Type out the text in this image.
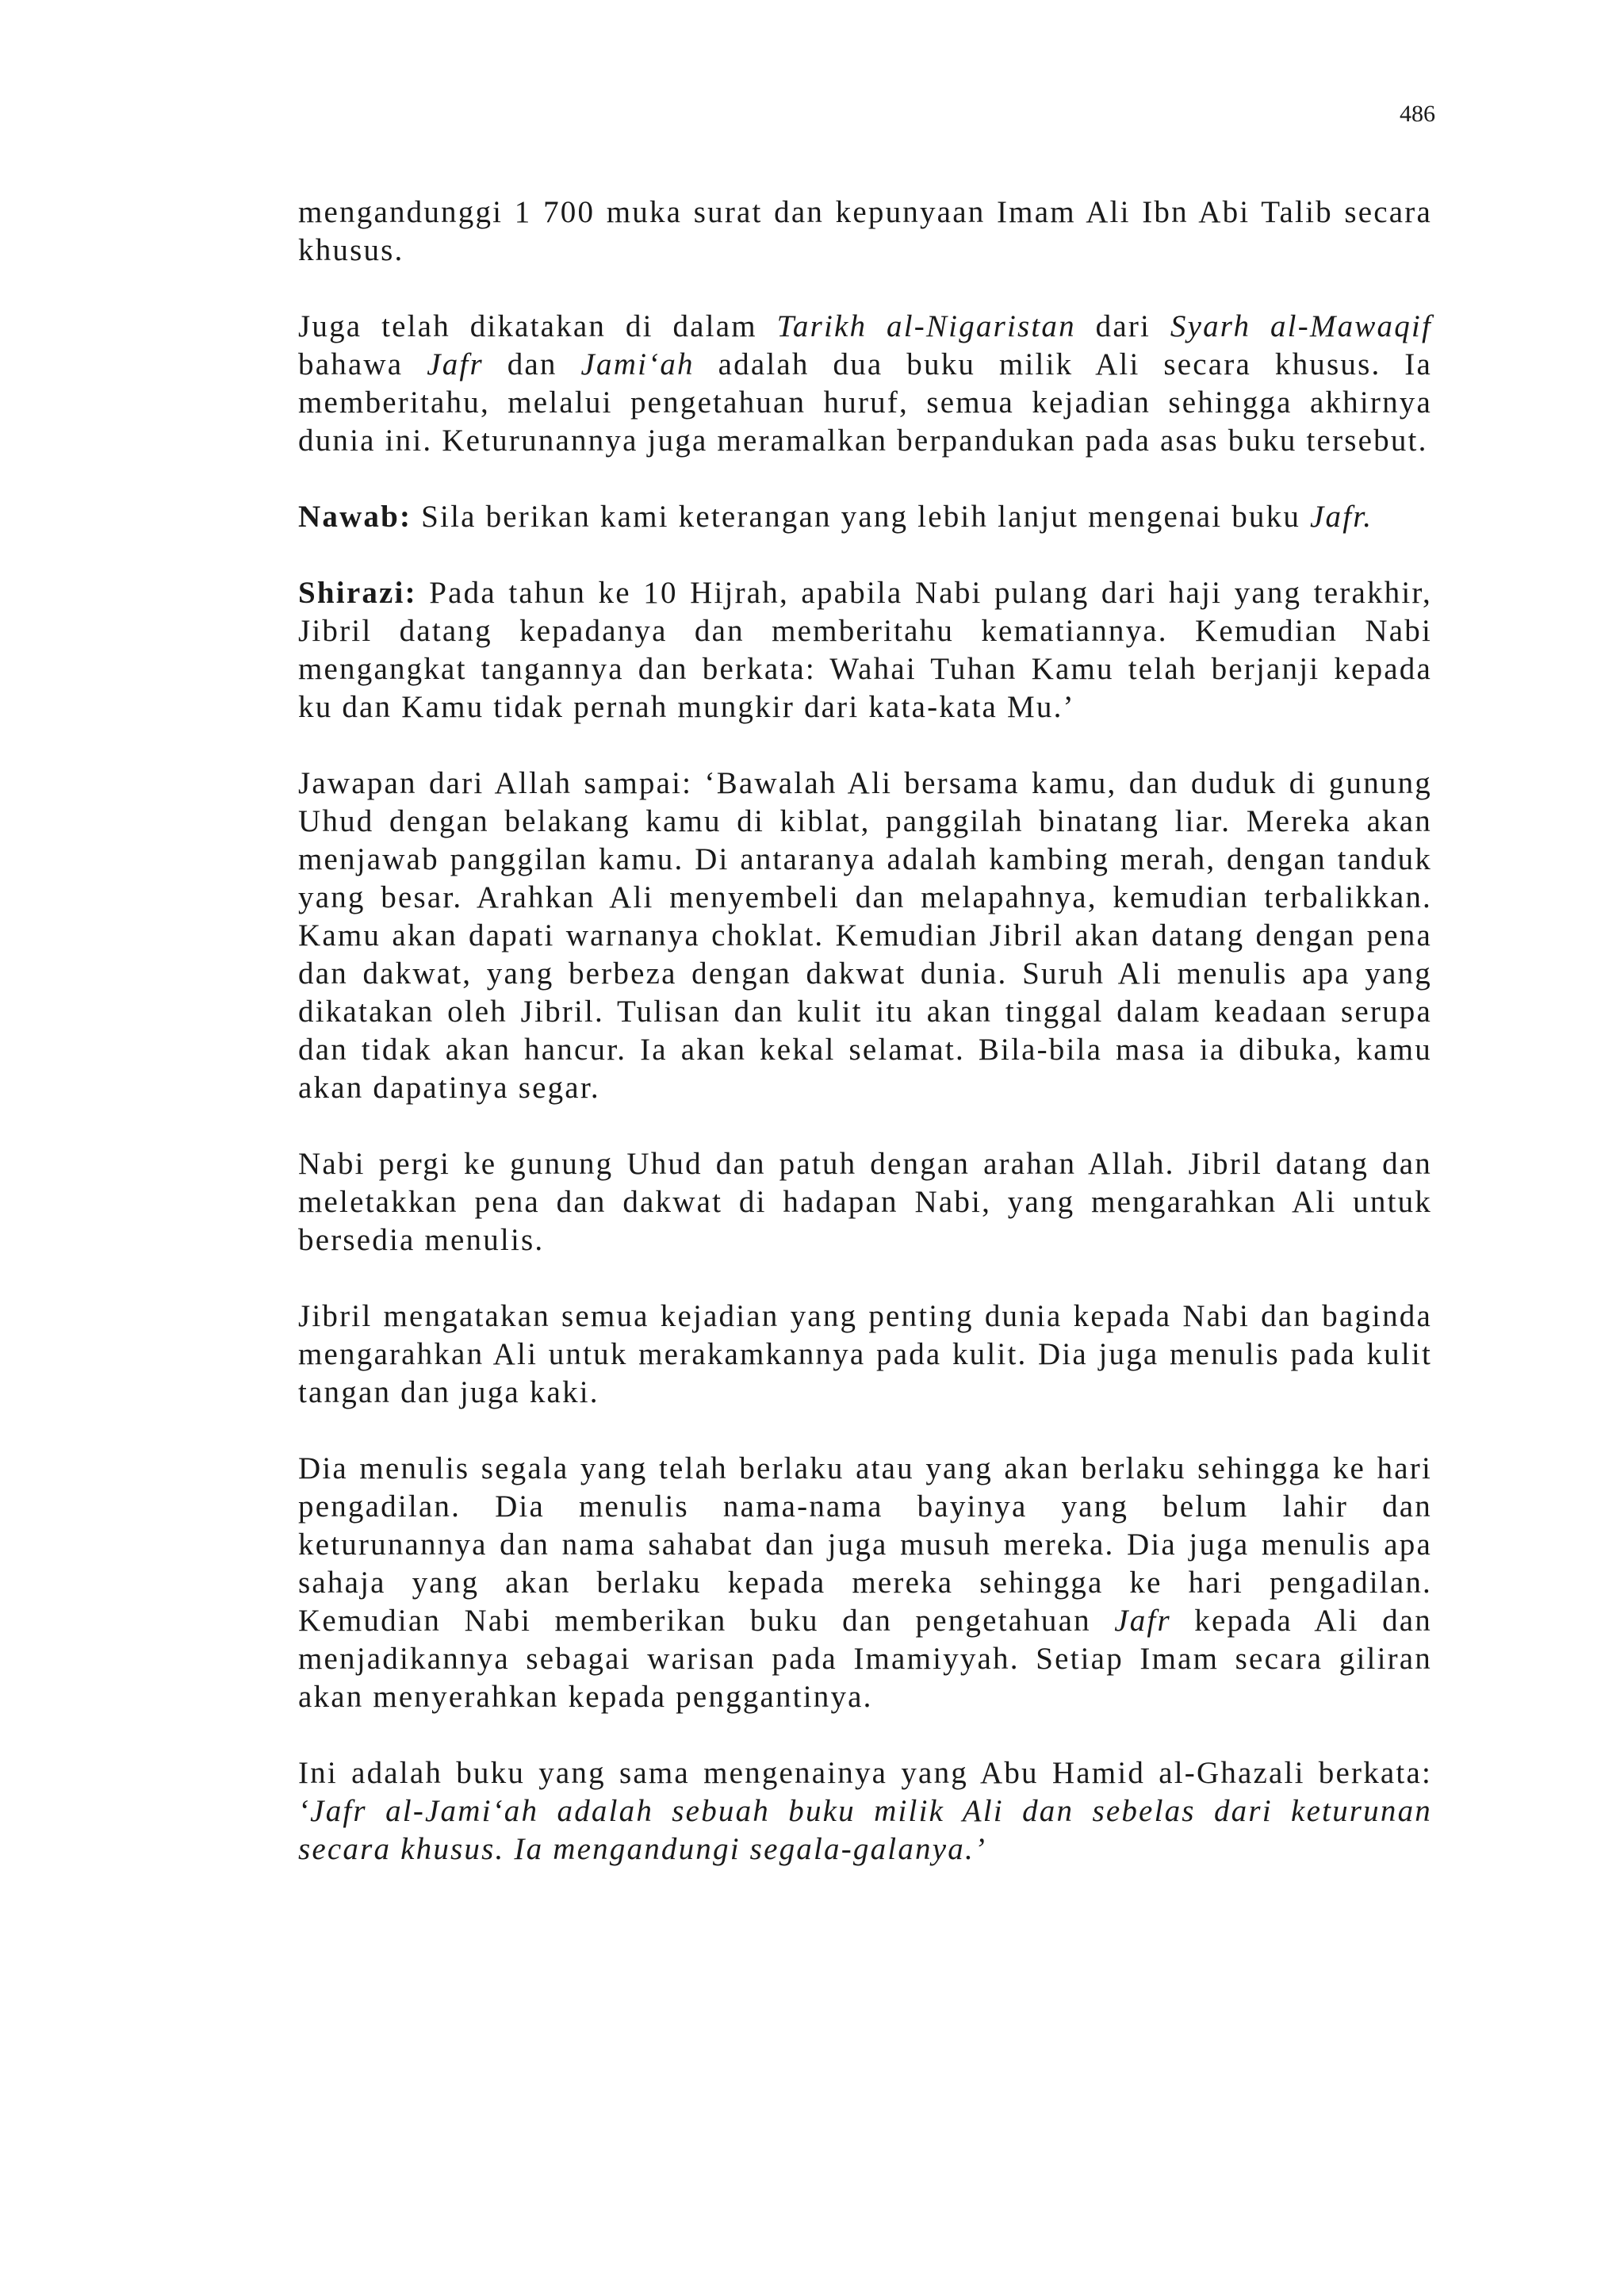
486

mengandunggi 1 700 muka surat dan kepunyaan Imam Ali Ibn Abi Talib secara khusus.

Juga telah dikatakan di dalam Tarikh al-Nigaristan dari Syarh al-Mawaqif bahawa Jafr dan Jami‘ah adalah dua buku milik Ali secara khusus. Ia memberitahu, melalui pengetahuan huruf, semua kejadian sehingga akhirnya dunia ini. Keturunannya juga meramalkan berpandukan pada asas buku tersebut.

Nawab: Sila berikan kami keterangan yang lebih lanjut mengenai buku Jafr.

Shirazi: Pada tahun ke 10 Hijrah, apabila Nabi pulang dari haji yang terakhir, Jibril datang kepadanya dan memberitahu kematiannya. Kemudian Nabi mengangkat tangannya dan berkata: Wahai Tuhan Kamu telah berjanji kepada ku dan Kamu tidak pernah mungkir dari kata-kata Mu.’

Jawapan dari Allah sampai: ‘Bawalah Ali bersama kamu, dan duduk di gunung Uhud dengan belakang kamu di kiblat, panggilah binatang liar. Mereka akan menjawab panggilan kamu. Di antaranya adalah kambing merah, dengan tanduk yang besar. Arahkan Ali menyembeli dan melapahnya, kemudian terbalikkan. Kamu akan dapati warnanya choklat. Kemudian Jibril akan datang dengan pena dan dakwat, yang berbeza dengan dakwat dunia. Suruh Ali menulis apa yang dikatakan oleh Jibril. Tulisan dan kulit itu akan tinggal dalam keadaan serupa dan tidak akan hancur. Ia akan kekal selamat. Bila-bila masa ia dibuka, kamu akan dapatinya segar.

Nabi pergi ke gunung Uhud dan patuh dengan arahan Allah. Jibril datang dan meletakkan pena dan dakwat di hadapan Nabi, yang mengarahkan Ali untuk bersedia menulis.

Jibril mengatakan semua kejadian yang penting dunia kepada Nabi dan baginda mengarahkan Ali untuk merakamkannya pada kulit. Dia juga menulis pada kulit tangan dan juga kaki.

Dia menulis segala yang telah berlaku atau yang akan berlaku sehingga ke hari pengadilan. Dia menulis nama-nama bayinya yang belum lahir dan keturunannya dan nama sahabat dan juga musuh mereka. Dia juga menulis apa sahaja yang akan berlaku kepada mereka sehingga ke hari pengadilan. Kemudian Nabi memberikan buku dan pengetahuan Jafr kepada Ali dan menjadikannya sebagai warisan pada Imamiyyah. Setiap Imam secara giliran akan menyerahkan kepada penggantinya.

Ini adalah buku yang sama mengenainya yang Abu Hamid al-Ghazali berkata: ‘Jafr al-Jami‘ah adalah sebuah buku milik Ali dan sebelas dari keturunan secara khusus. Ia mengandungi segala-galanya.’
